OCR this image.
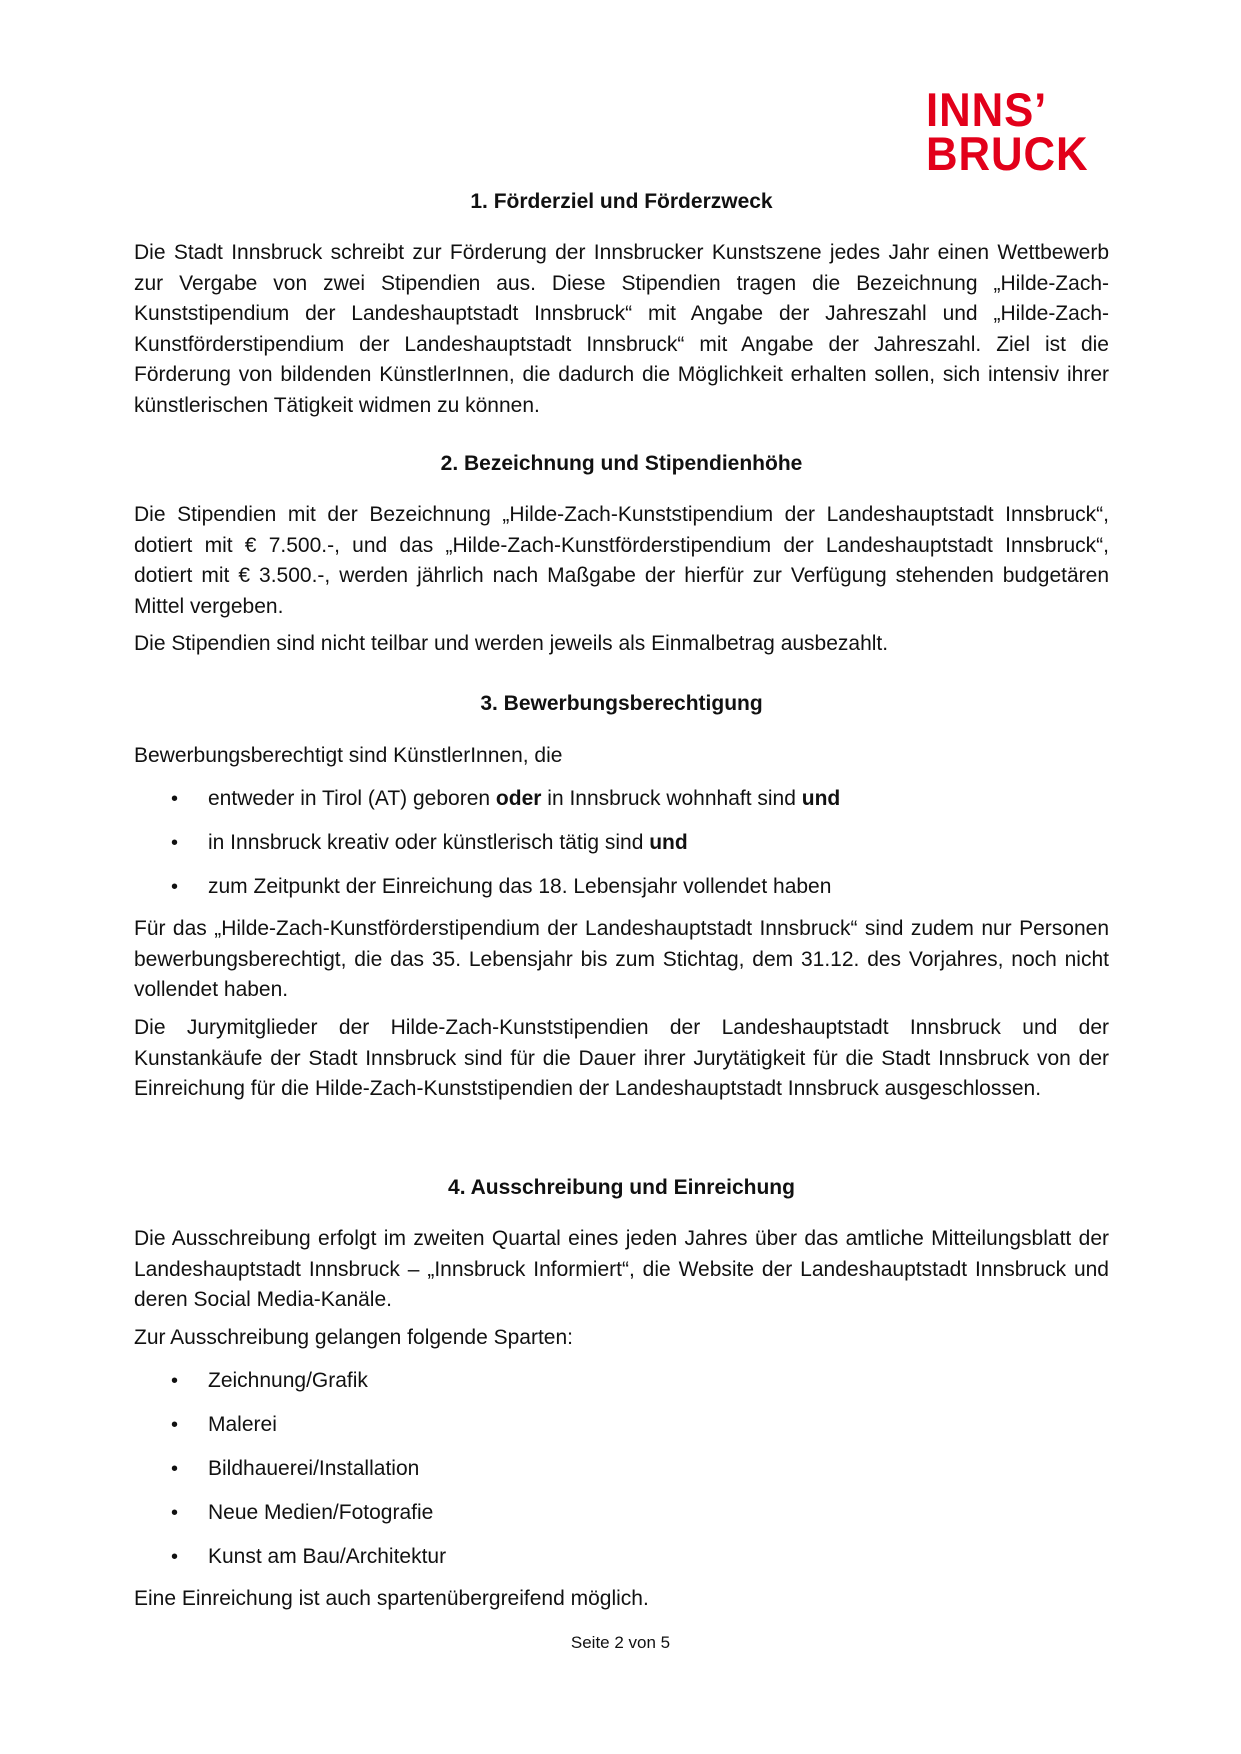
INNS’
BRUCK
1. Förderziel und Förderzweck

Die Stadt Innsbruck schreibt zur Förderung der Innsbrucker Kunstszene jedes Jahr einen Wettbewerb zur Vergabe von zwei Stipendien aus. Diese Stipendien tragen die Bezeichnung „Hilde-Zach-Kunststipendium der Landeshauptstadt Innsbruck“ mit Angabe der Jahreszahl und „Hilde-Zach-Kunstförderstipendium der Landeshauptstadt Innsbruck“ mit Angabe der Jahreszahl. Ziel ist die Förderung von bildenden KünstlerInnen, die dadurch die Möglichkeit erhalten sollen, sich intensiv ihrer künstlerischen Tätigkeit widmen zu können.

2. Bezeichnung und Stipendienhöhe

Die Stipendien mit der Bezeichnung „Hilde-Zach-Kunststipendium der Landeshauptstadt Innsbruck“, dotiert mit € 7.500.-, und das „Hilde-Zach-Kunstförderstipendium der Landeshauptstadt Innsbruck“, dotiert mit € 3.500.-, werden jährlich nach Maßgabe der hierfür zur Verfügung stehenden budgetären Mittel vergeben.

Die Stipendien sind nicht teilbar und werden jeweils als Einmalbetrag ausbezahlt.

3. Bewerbungsberechtigung

Bewerbungsberechtigt sind KünstlerInnen, die

• entweder in Tirol (AT) geboren oder in Innsbruck wohnhaft sind und
• in Innsbruck kreativ oder künstlerisch tätig sind und
• zum Zeitpunkt der Einreichung das 18. Lebensjahr vollendet haben

Für das „Hilde-Zach-Kunstförderstipendium der Landeshauptstadt Innsbruck“ sind zudem nur Personen bewerbungsberechtigt, die das 35. Lebensjahr bis zum Stichtag, dem 31.12. des Vorjahres, noch nicht vollendet haben.

Die Jurymitglieder der Hilde-Zach-Kunststipendien der Landeshauptstadt Innsbruck und der Kunstankäufe der Stadt Innsbruck sind für die Dauer ihrer Jurytätigkeit für die Stadt Innsbruck von der Einreichung für die Hilde-Zach-Kunststipendien der Landeshauptstadt Innsbruck ausgeschlossen.

4. Ausschreibung und Einreichung

Die Ausschreibung erfolgt im zweiten Quartal eines jeden Jahres über das amtliche Mitteilungsblatt der Landeshauptstadt Innsbruck – „Innsbruck Informiert“, die Website der Landeshauptstadt Innsbruck und deren Social Media-Kanäle.

Zur Ausschreibung gelangen folgende Sparten:

• Zeichnung/Grafik
• Malerei
• Bildhauerei/Installation
• Neue Medien/Fotografie
• Kunst am Bau/Architektur

Eine Einreichung ist auch spartenübergreifend möglich.

Seite 2 von 5
